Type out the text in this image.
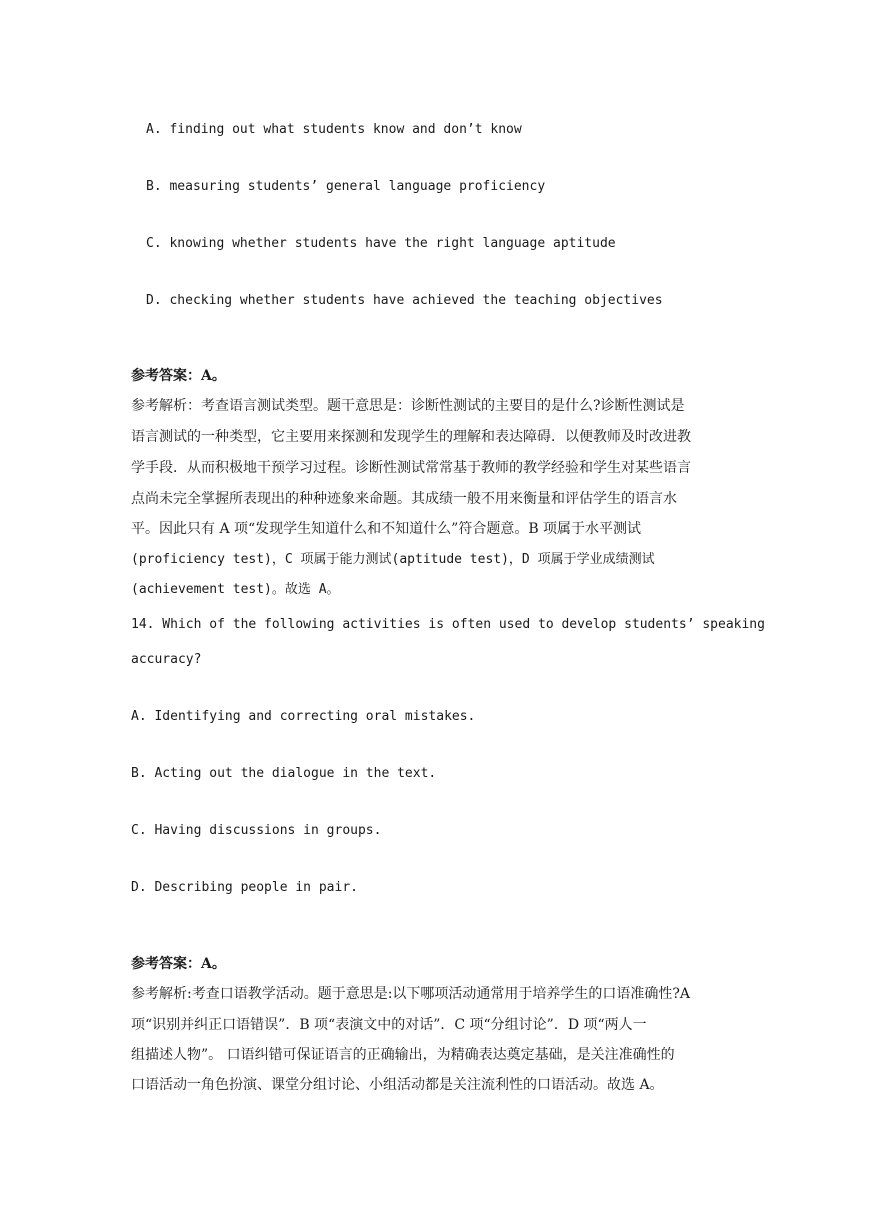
A. finding out what students know and don’t know
B. measuring students’ general language proficiency
C. knowing whether students have the right language aptitude
D. checking whether students have achieved the teaching objectives
参考答案：A。
参考解析：考查语言测试类型。题干意思是：诊断性测试的主要目的是什么?诊断性测试是
语言测试的一种类型，它主要用来探测和发现学生的理解和表达障碍．以便教师及时改进教
学手段．从而积极地干预学习过程。诊断性测试常常基于教师的教学经验和学生对某些语言
点尚未完全掌握所表现出的种种迹象来命题。其成绩一般不用来衡量和评估学生的语言水
平。因此只有 A 项“发现学生知道什么和不知道什么”符合题意。B 项属于水平测试
(proficiency test)，C 项属于能力测试(aptitude test)，D 项属于学业成绩测试
(achievement test)。故选 A。
14. Which of the following activities is often used to develop students’ speaking
accuracy?
A. Identifying and correcting oral mistakes.
B. Acting out the dialogue in the text.
C. Having discussions in groups.
D. Describing people in pair.
参考答案：A。
参考解析:考查口语教学活动。题于意思是:以下哪项活动通常用于培养学生的口语准确性?A
项“识别并纠正口语错误”．B 项“表演文中的对话”．C 项“分组讨论”．D 项“两人一
组描述人物”。 口语纠错可保证语言的正确输出，为精确表达奠定基础，是关注准确性的
口语活动一角色扮演、课堂分组讨论、小组活动都是关注流利性的口语活动。故选 A。
